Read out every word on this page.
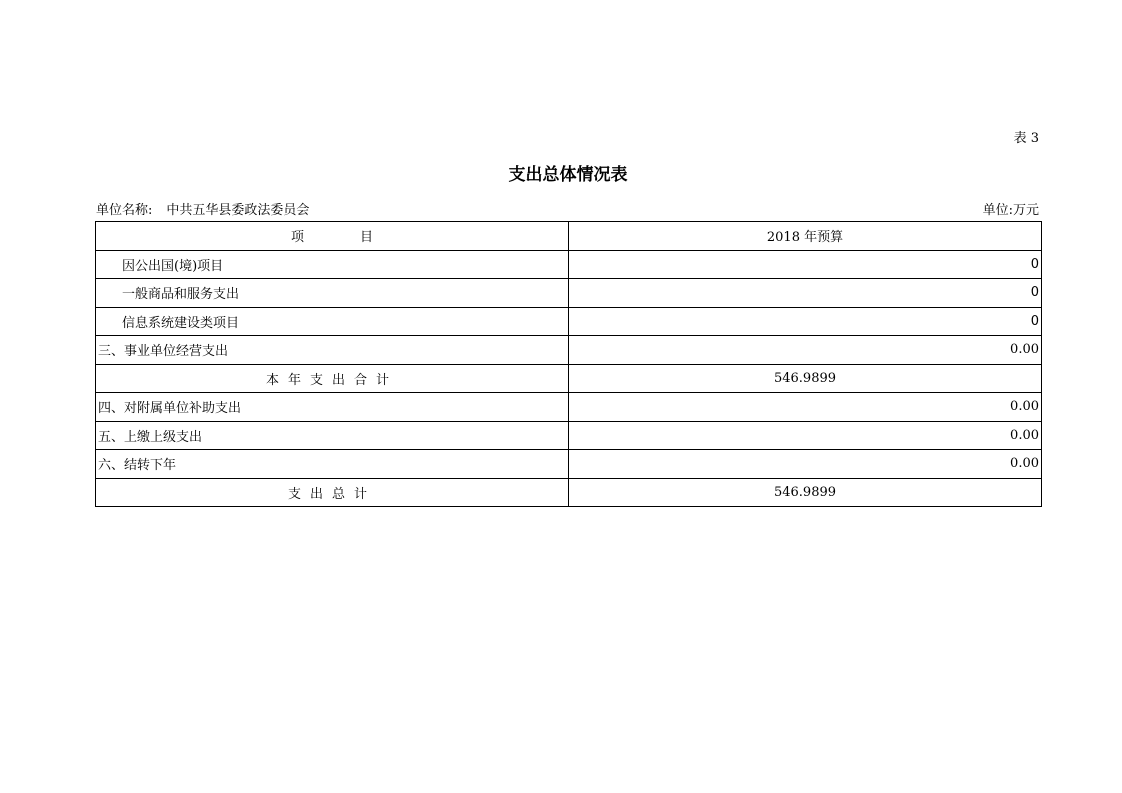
表 3
支出总体情况表
单位名称: 中共五华县委政法委员会	单位:万元
项 目	2018 年预算
因公出国(境)项目	0
一般商品和服务支出	0
信息系统建设类项目	0
三、事业单位经营支出	0.00
本年支出合计	546.9899
四、对附属单位补助支出	0.00
五、上缴上级支出	0.00
六、结转下年	0.00
支出总计	546.9899
